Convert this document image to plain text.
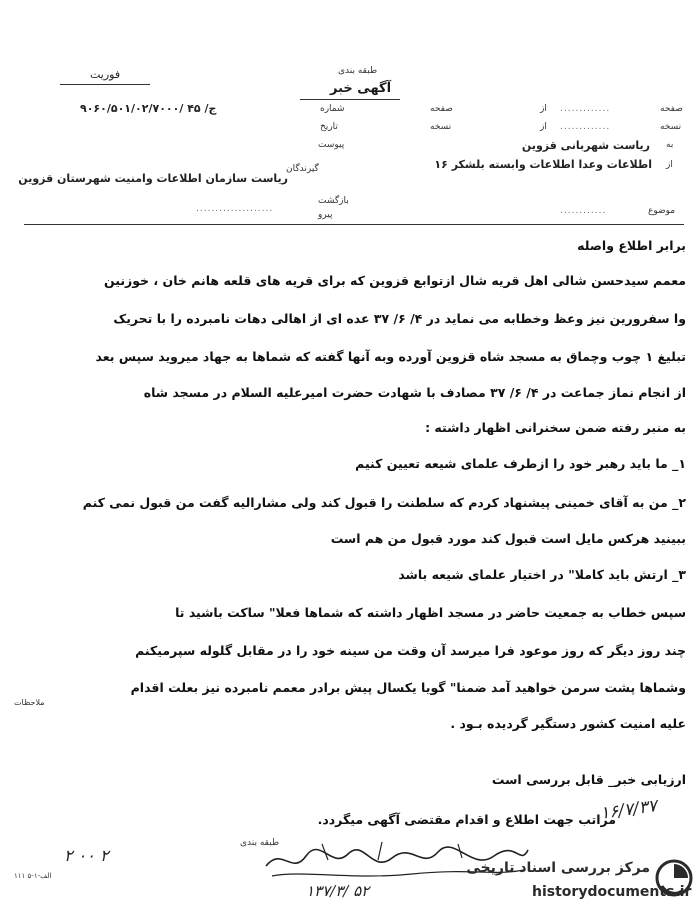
فوریت	طبقه بندی
آگهی خبر
صفحه
.............
از
صفحه
شماره
۹۰۶۰/۵۰۱/۰۲/۷۰۰۰/ ج/ ۴۵
نسخه
.............
از
نسخه
تاریخ
به
ریاست شهربانی قزوین
پیوست
از
اطلاعات وعدا اطلاعات وابسته بلشکر ۱۶
گیرندگان
ریاست سازمان اطلاعات وامنیت شهرستان قزوین
بازگشت
پیرو
....................	موضوع
............
برابر اطلاع واصله
معمم سیدحسن شالی اهل قریه شال ازتوابع قزوین که برای قریه های قلعه هانم خان ، خوزنین
وا سفرورین نیز وعظ وخطابه می نماید در ۴/ ۶/ ۳۷ عده ای از اهالی دهات نامبرده را با تحریک
تبلیغ ۱ چوب وچماق به مسجد شاه قزوین آورده وبه آنها گفته که شماها به جهاد میروید سپس بعد
از انجام نماز جماعت در ۴/ ۶/ ۳۷ مصادف با شهادت حضرت امیرعلیه السلام در مسجد شاه
به منبر رفته ضمن سخنرانی اظهار داشته :
۱_ ما باید رهبر خود را ازطرف علمای شیعه تعیین کنیم
۲_ من به آقای خمینی پیشنهاد کردم که سلطنت را قبول کند ولی مشارالیه گفت من قبول نمی کنم
ببینید هرکس مایل است قبول کند مورد قبول من هم است
۳_ ارتش باید کاملا" در اختیار علمای شیعه باشد
سپس خطاب به جمعیت حاضر در مسجد اظهار داشته که شماها فعلا" ساکت باشید تا
چند روز دیگر که روز موعود فرا میرسد آن وقت من سینه خود را در مقابل گلوله سپرمیکنم
وشماها پشت سرمن خواهید آمد ضمنا" گویا یکسال پیش برادر معمم نامبرده نیز بعلت اقدام
ملاحظات
علیه امنیت کشور دستگیر گردیده بـود .
ارزیابی خبر_ قابل بررسی است
مراتب جهت اطلاع و اقدام مقتضی آگهی میگردد.
۱۶/۷/۳۷
طبقه بندی
۲ ۰۰ ۲
۱۱۱ الف-۱-۵
۱۳۷/۳/ ۵۲
مرکز بررسی اسناد تاریخی
historydocuments.ir
